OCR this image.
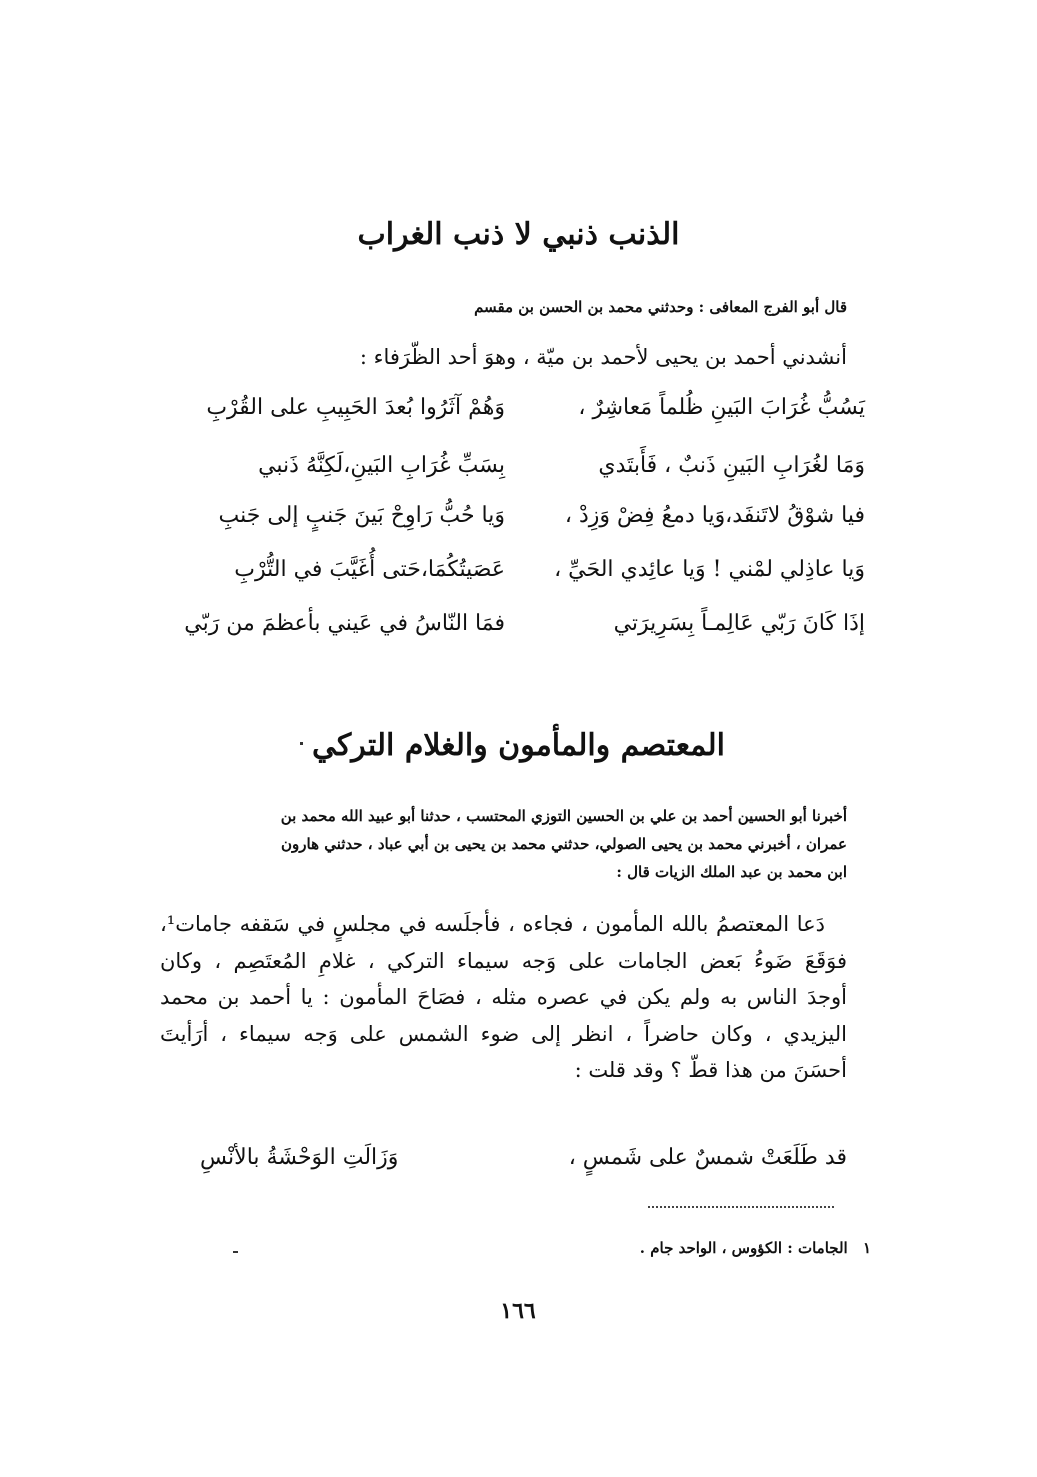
الذنب ذنبي لا ذنب الغراب
قال أبو الفرج المعافى : وحدثني محمد بن الحسن بن مقسم
أنشدني أحمد بن يحيى لأحمد بن ميّة ، وهوَ أحد الظّرَفاء :
يَسُبُّ غُرَابَ البَينِ ظُلماً مَعاشِرٌ ،
وَهُمْ آثَرُوا بُعدَ الحَبِيبِ على القُرْبِ
وَمَا لغُرَابِ البَينِ ذَنبٌ ، فَأَبتَدي
بِسَبِّ غُرَابِ البَينِ،لَكِنَّهُ ذَنبي
فيا شوْقُ لاتَنفَد،وَيا دمعُ فِضْ وَزِدْ ،
وَيا حُبُّ رَاوِحْ بَينَ جَنبٍ إلى جَنبِ
وَيا عاذِلي لمْني ! وَيا عائِدي الحَيِّ ،
عَصَيتُكُمَا،حَتى أُغَيَّبَ في التُّرْبِ
إذَا كَانَ رَبّي عَالِمـاً بِسَرِيرَتي
فمَا النّاسُ في عَيني بأعظمَ من رَبّي
المعتصم والمأمون والغلام التركي
أخبرنا أبو الحسين أحمد بن علي بن الحسين التوزي المحتسب ، حدثنا أبو عبيد الله محمد بن
عمران ، أخبرني محمد بن يحيى الصولي، حدثني محمد بن يحيى بن أبي عباد ، حدثني هارون
ابن محمد بن عبد الملك الزيات قال :
دَعا المعتصمُ بالله المأمون ، فجاءه ، فأجلَسه في مجلسٍ في سَقفه جامات¹،
فوَقَعَ ضَوءُ بَعض الجامات على وَجه سيماء التركي ، غلامِ المُعتَصِم ، وكان
أوجدَ الناس به ولم يكن في عصره مثله ، فصَاحَ المأمون : يا أحمد بن محمد
اليزيدي ، وكان حاضراً ، انظر إلى ضوء الشمس على وَجه سيماء ، أرَأيتَ
أحسَنَ من هذا قطّ ؟ وقد قلت :
قد طَلَعَتْ شمسٌ على شَمسٍ ،
وَزَالَتِ الوَحْشَةُ بالأنْسِ
١ الجامات : الكؤوس ، الواحد جام .
١٦٦
